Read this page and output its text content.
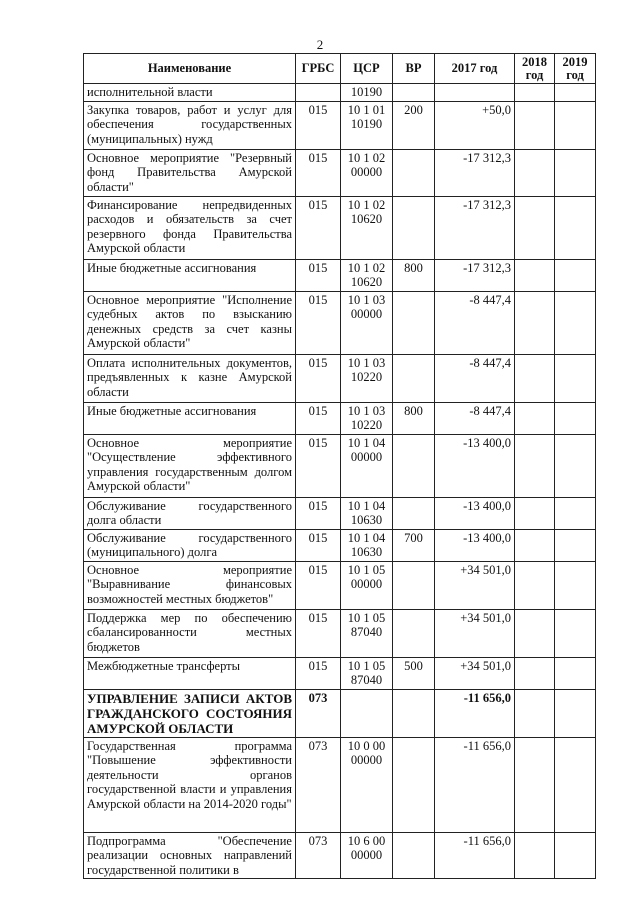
2
Наименование	ГРБС	ЦСР	ВР	2017 год	2018 год	2019 год
исполнительной власти		10190				
Закупка товаров, работ и услуг для обеспечения государственных (муниципальных) нужд	015	10 1 01 10190	200	+50,0		
Основное мероприятие "Резервный фонд Правительства Амурской области"	015	10 1 02 00000		-17 312,3		
Финансирование непредвиденных расходов и обязательств за счет резервного фонда Правительства Амурской области	015	10 1 02 10620		-17 312,3		
Иные бюджетные ассигнования	015	10 1 02 10620	800	-17 312,3		
Основное мероприятие "Исполнение судебных актов по взысканию денежных средств за счет казны Амурской области"	015	10 1 03 00000		-8 447,4		
Оплата исполнительных документов, предъявленных к казне Амурской области	015	10 1 03 10220		-8 447,4		
Иные бюджетные ассигнования	015	10 1 03 10220	800	-8 447,4		
Основное мероприятие "Осуществление эффективного управления государственным долгом Амурской области"	015	10 1 04 00000		-13 400,0		
Обслуживание государственного долга области	015	10 1 04 10630		-13 400,0		
Обслуживание государственного (муниципального) долга	015	10 1 04 10630	700	-13 400,0		
Основное мероприятие "Выравнивание финансовых возможностей местных бюджетов"	015	10 1 05 00000		+34 501,0		
Поддержка мер по обеспечению сбалансированности местных бюджетов	015	10 1 05 87040		+34 501,0		
Межбюджетные трансферты	015	10 1 05 87040	500	+34 501,0		
УПРАВЛЕНИЕ ЗАПИСИ АКТОВ ГРАЖДАНСКОГО СОСТОЯНИЯ АМУРСКОЙ ОБЛАСТИ	073			-11 656,0		
Государственная программа "Повышение эффективности деятельности органов государственной власти и управления Амурской области на 2014-2020 годы"	073	10 0 00 00000		-11 656,0		
Подпрограмма "Обеспечение реализации основных направлений государственной политики в	073	10 6 00 00000		-11 656,0		
